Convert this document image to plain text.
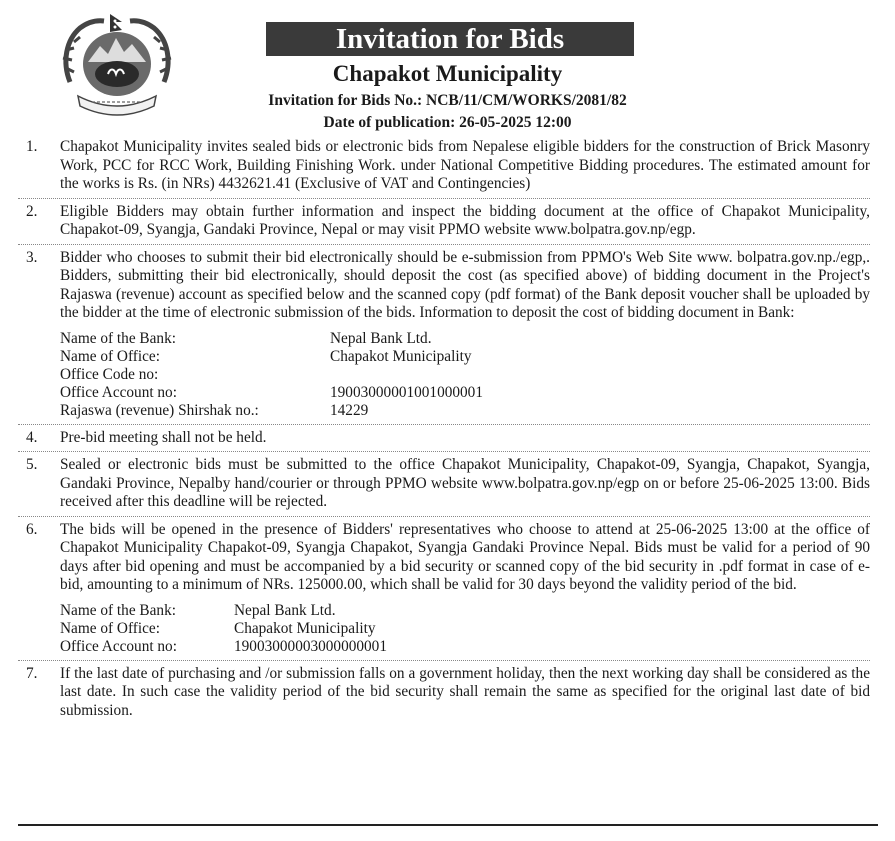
Invitation for Bids
Chapakot Municipality
Invitation for Bids No.: NCB/11/CM/WORKS/2081/82
Date of publication: 26-05-2025 12:00
1. Chapakot Municipality invites sealed bids or electronic bids from Nepalese eligible bidders for the construction of Brick Masonry Work, PCC for RCC Work, Building Finishing Work. under National Competitive Bidding procedures. The estimated amount for the works is Rs. (in NRs) 4432621.41 (Exclusive of VAT and Contingencies)
2. Eligible Bidders may obtain further information and inspect the bidding document at the office of Chapakot Municipality, Chapakot-09, Syangja, Gandaki Province, Nepal or may visit PPMO website www.bolpatra.gov.np/egp.
3. Bidder who chooses to submit their bid electronically should be e-submission from PPMO's Web Site www. bolpatra.gov.np./egp,. Bidders, submitting their bid electronically, should deposit the cost (as specified above) of bidding document in the Project's Rajaswa (revenue) account as specified below and the scanned copy (pdf format) of the Bank deposit voucher shall be uploaded by the bidder at the time of electronic submission of the bids. Information to deposit the cost of bidding document in Bank:
Name of the Bank:	Nepal Bank Ltd.
Name of Office:	Chapakot Municipality
Office Code no:
Office Account no:	19003000001001000001
Rajaswa (revenue) Shirshak no.:	14229
4. Pre-bid meeting shall not be held.
5. Sealed or electronic bids must be submitted to the office Chapakot Municipality, Chapakot-09, Syangja, Chapakot, Syangja, Gandaki Province, Nepalby hand/courier or through PPMO website www.bolpatra.gov.np/egp on or before 25-06-2025 13:00. Bids received after this deadline will be rejected.
6. The bids will be opened in the presence of Bidders' representatives who choose to attend at 25-06-2025 13:00 at the office of Chapakot Municipality Chapakot-09, Syangja Chapakot, Syangja Gandaki Province Nepal. Bids must be valid for a period of 90 days after bid opening and must be accompanied by a bid security or scanned copy of the bid security in .pdf format in case of e-bid, amounting to a minimum of NRs. 125000.00, which shall be valid for 30 days beyond the validity period of the bid.
Name of the Bank:	Nepal Bank Ltd.
Name of Office:	Chapakot Municipality
Office Account no:	19003000003000000001
7. If the last date of purchasing and /or submission falls on a government holiday, then the next working day shall be considered as the last date. In such case the validity period of the bid security shall remain the same as specified for the original last date of bid submission.
